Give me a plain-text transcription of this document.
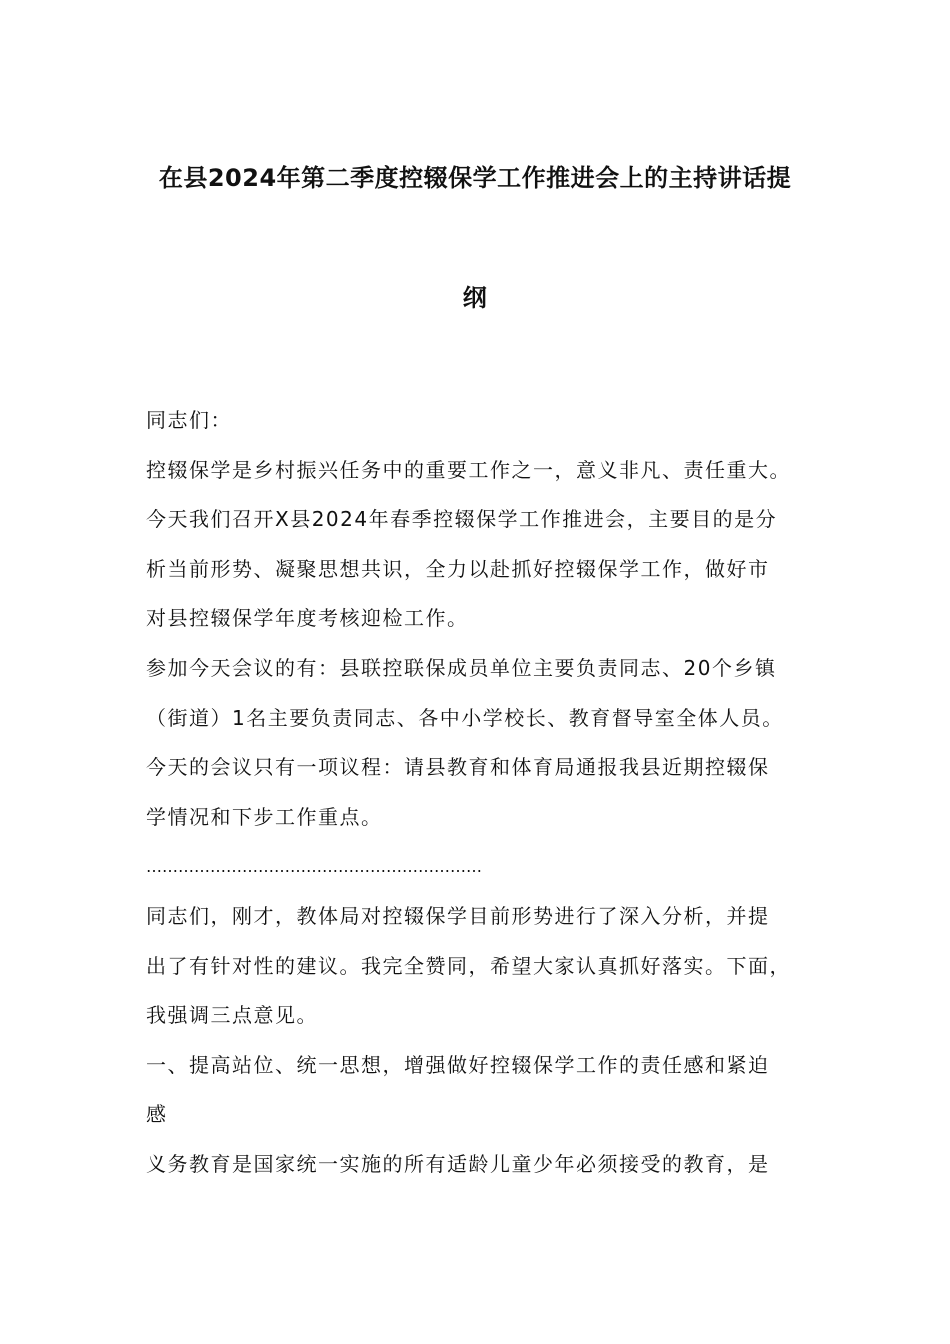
在县2024年第二季度控辍保学工作推进会上的主持讲话提
纲

同志们：

控辍保学是乡村振兴任务中的重要工作之一，意义非凡、责任重大。

今天我们召开X县2024年春季控辍保学工作推进会，主要目的是分

析当前形势、凝聚思想共识，全力以赴抓好控辍保学工作，做好市

对县控辍保学年度考核迎检工作。

参加今天会议的有：县联控联保成员单位主要负责同志、20个乡镇

（街道）1名主要负责同志、各中小学校长、教育督导室全体人员。

今天的会议只有一项议程：请县教育和体育局通报我县近期控辍保

学情况和下步工作重点。

………………………………………………………

同志们，刚才，教体局对控辍保学目前形势进行了深入分析，并提

出了有针对性的建议。我完全赞同，希望大家认真抓好落实。下面，

我强调三点意见。

一、提高站位、统一思想，增强做好控辍保学工作的责任感和紧迫

感

义务教育是国家统一实施的所有适龄儿童少年必须接受的教育，是
